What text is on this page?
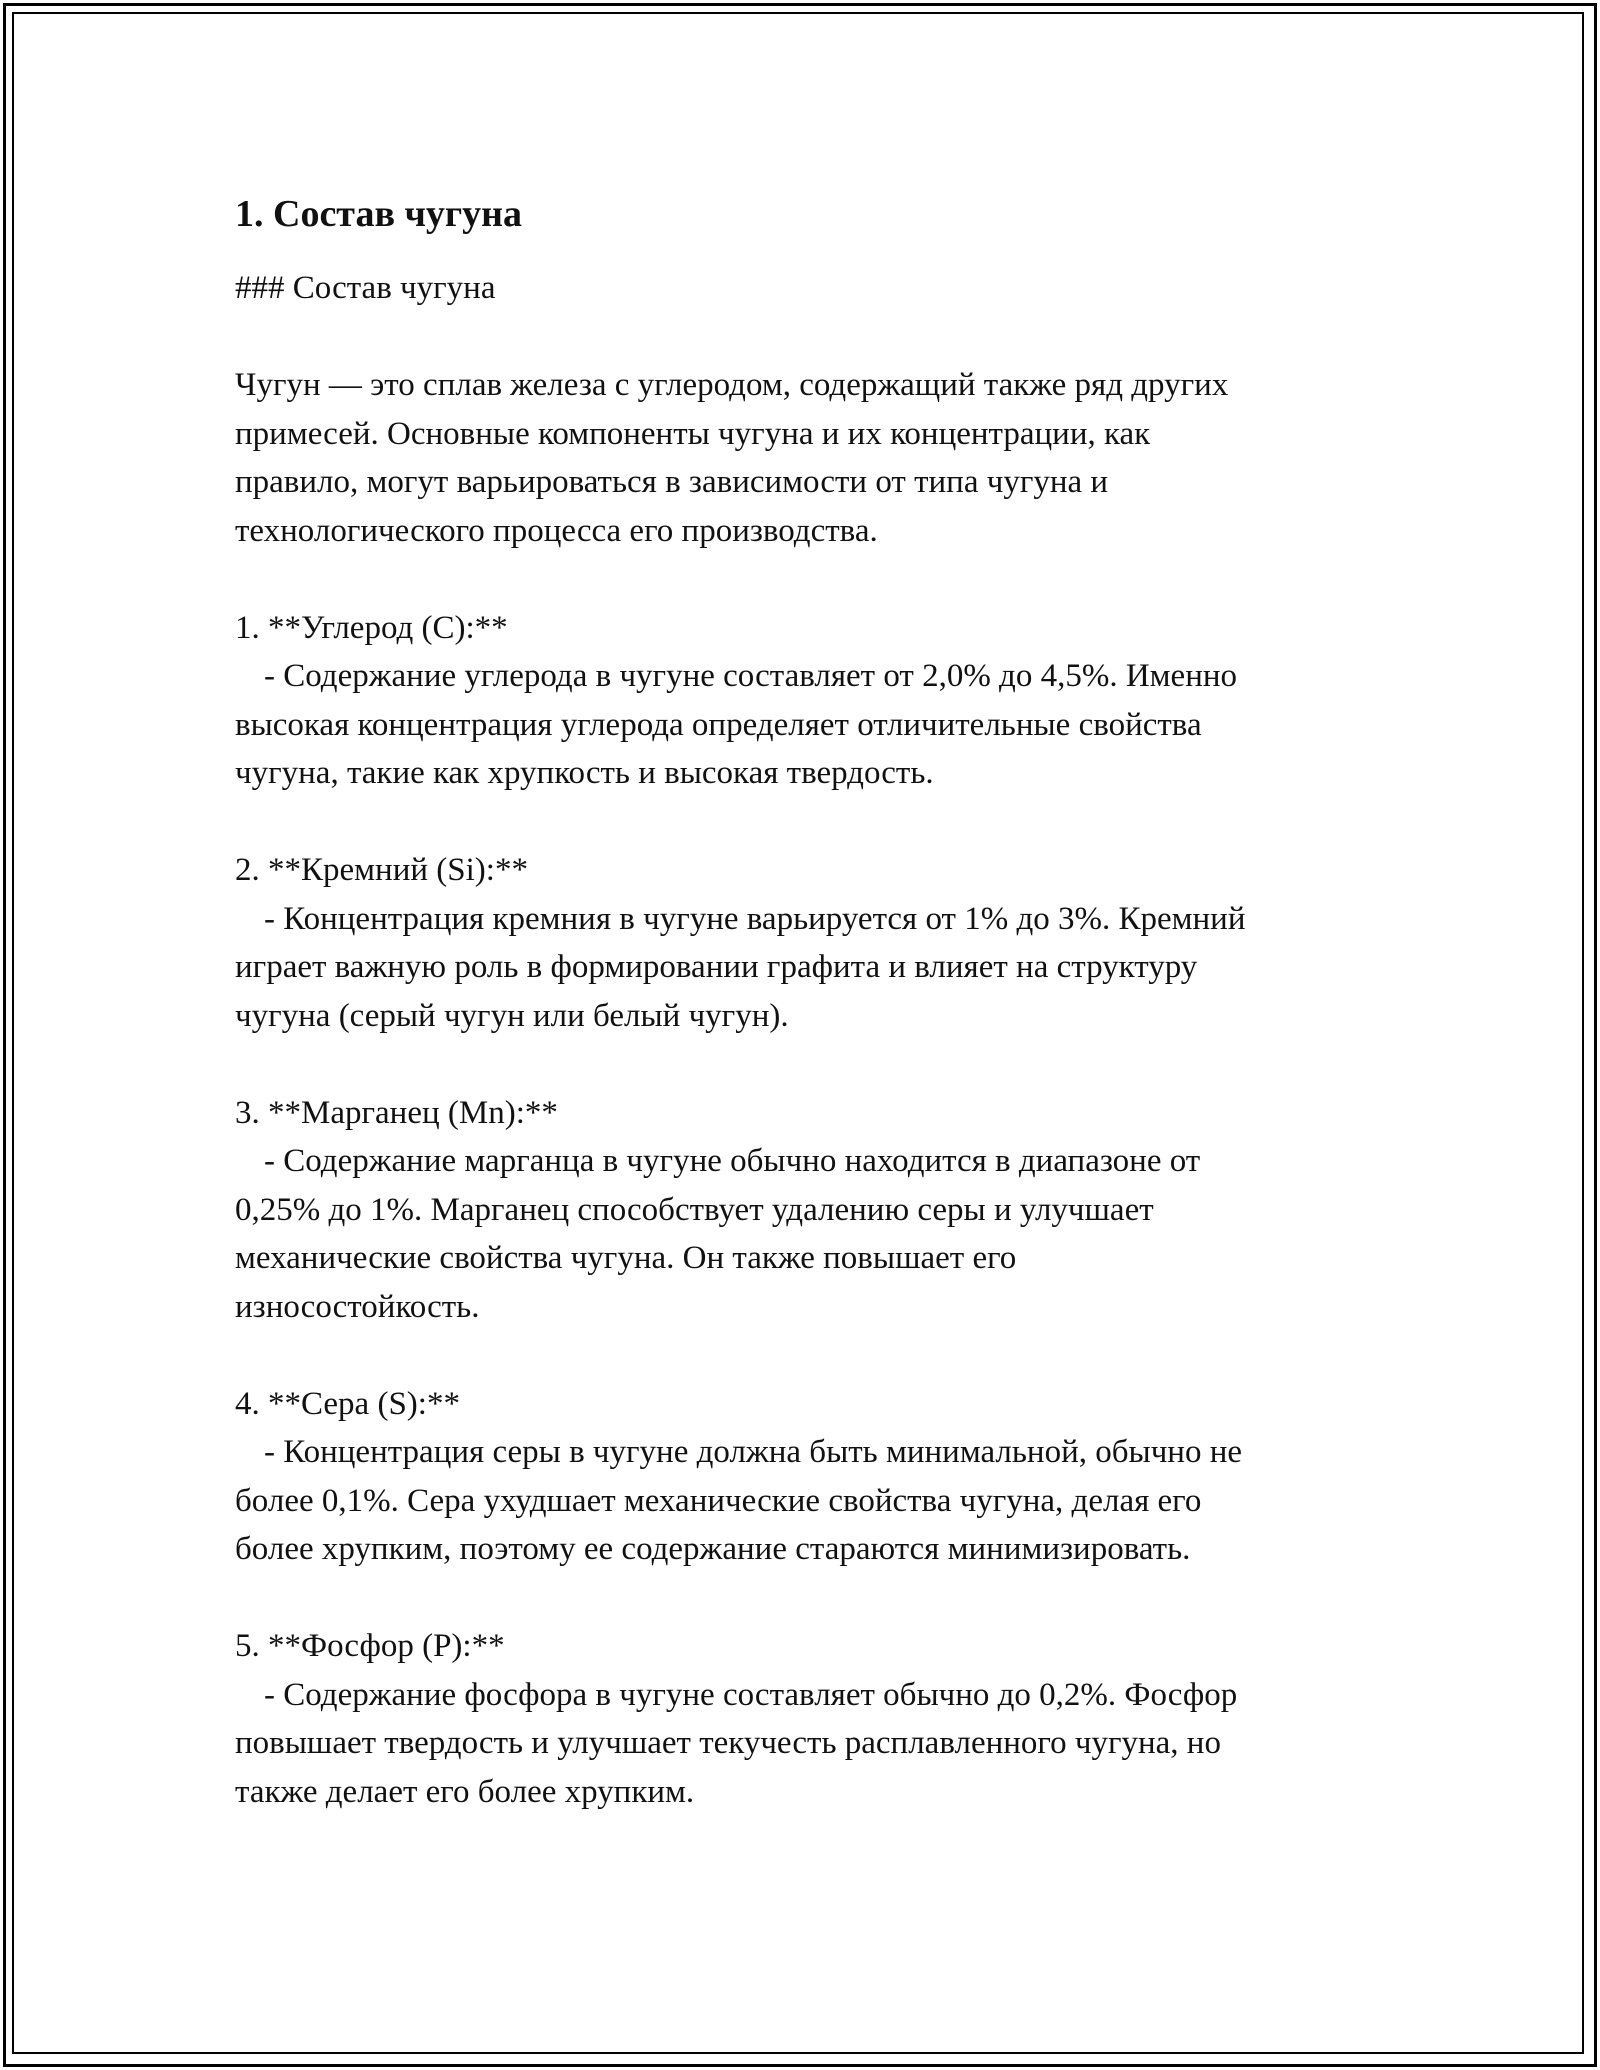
1. Состав чугуна

### Состав чугуна

Чугун — это сплав железа с углеродом, содержащий также ряд других

примесей. Основные компоненты чугуна и их концентрации, как

правило, могут варьироваться в зависимости от типа чугуна и

технологического процесса его производства.

1. **Углерод (C):**

- Содержание углерода в чугуне составляет от 2,0% до 4,5%. Именно

высокая концентрация углерода определяет отличительные свойства

чугуна, такие как хрупкость и высокая твердость.

2. **Кремний (Si):**

- Концентрация кремния в чугуне варьируется от 1% до 3%. Кремний

играет важную роль в формировании графита и влияет на структуру

чугуна (серый чугун или белый чугун).

3. **Марганец (Mn):**

- Содержание марганца в чугуне обычно находится в диапазоне от

0,25% до 1%. Марганец способствует удалению серы и улучшает

механические свойства чугуна. Он также повышает его

износостойкость.

4. **Сера (S):**

- Концентрация серы в чугуне должна быть минимальной, обычно не

более 0,1%. Сера ухудшает механические свойства чугуна, делая его

более хрупким, поэтому ее содержание стараются минимизировать.

5. **Фосфор (P):**

- Содержание фосфора в чугуне составляет обычно до 0,2%. Фосфор

повышает твердость и улучшает текучесть расплавленного чугуна, но

также делает его более хрупким.
